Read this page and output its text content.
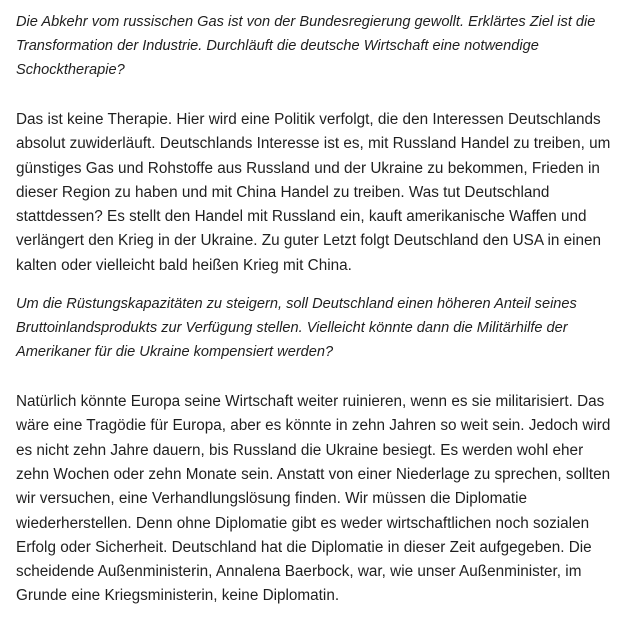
Die Abkehr vom russischen Gas ist von der Bundesregierung gewollt. Erklärtes Ziel ist die Transformation der Industrie. Durchläuft die deutsche Wirtschaft eine notwendige Schocktherapie?

Das ist keine Therapie. Hier wird eine Politik verfolgt, die den Interessen Deutschlands absolut zuwiderläuft. Deutschlands Interesse ist es, mit Russland Handel zu treiben, um günstiges Gas und Rohstoffe aus Russland und der Ukraine zu bekommen, Frieden in dieser Region zu haben und mit China Handel zu treiben. Was tut Deutschland stattdessen? Es stellt den Handel mit Russland ein, kauft amerikanische Waffen und verlängert den Krieg in der Ukraine. Zu guter Letzt folgt Deutschland den USA in einen kalten oder vielleicht bald heißen Krieg mit China.

Um die Rüstungskapazitäten zu steigern, soll Deutschland einen höheren Anteil seines Bruttoinlandsprodukts zur Verfügung stellen. Vielleicht könnte dann die Militärhilfe der Amerikaner für die Ukraine kompensiert werden?

Natürlich könnte Europa seine Wirtschaft weiter ruinieren, wenn es sie militarisiert. Das wäre eine Tragödie für Europa, aber es könnte in zehn Jahren so weit sein. Jedoch wird es nicht zehn Jahre dauern, bis Russland die Ukraine besiegt. Es werden wohl eher zehn Wochen oder zehn Monate sein. Anstatt von einer Niederlage zu sprechen, sollten wir versuchen, eine Verhandlungslösung finden. Wir müssen die Diplomatie wiederherstellen. Denn ohne Diplomatie gibt es weder wirtschaftlichen noch sozialen Erfolg oder Sicherheit. Deutschland hat die Diplomatie in dieser Zeit aufgegeben. Die scheidende Außenministerin, Annalena Baerbock, war, wie unser Außenminister, im Grunde eine Kriegsministerin, keine Diplomatin.
